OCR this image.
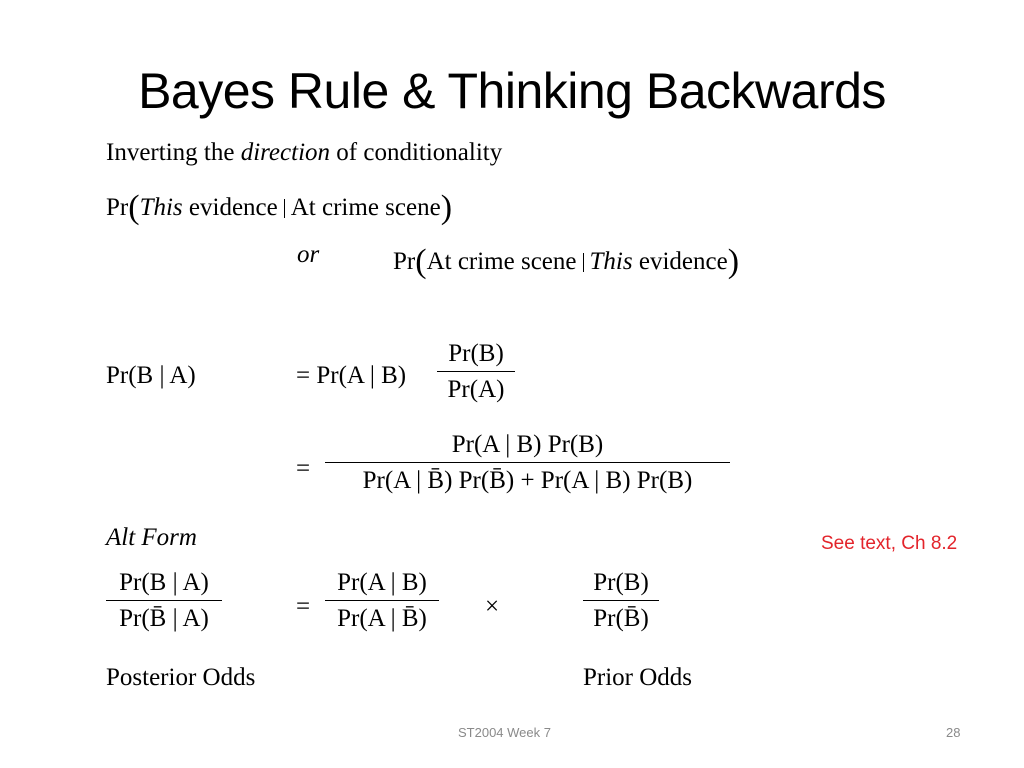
Bayes Rule & Thinking Backwards
Inverting the direction of conditionality
Pr(This evidence At crime scene)
or	Pr(At crime scene This evidence)
Pr(B | A)	= Pr(A | B)
Pr(B)
Pr(A)
=
Pr(A | B) Pr(B)
Pr(A | B̄) Pr(B̄) + Pr(A | B) Pr(B)
Alt Form
Pr(B | A)
Pr(B̄ | A)	=
Pr(A | B)
Pr(A | B̄)	×
Pr(B)
Pr(B̄)
Posterior Odds	Prior Odds
See text, Ch 8.2
ST2004 Week 7	28
